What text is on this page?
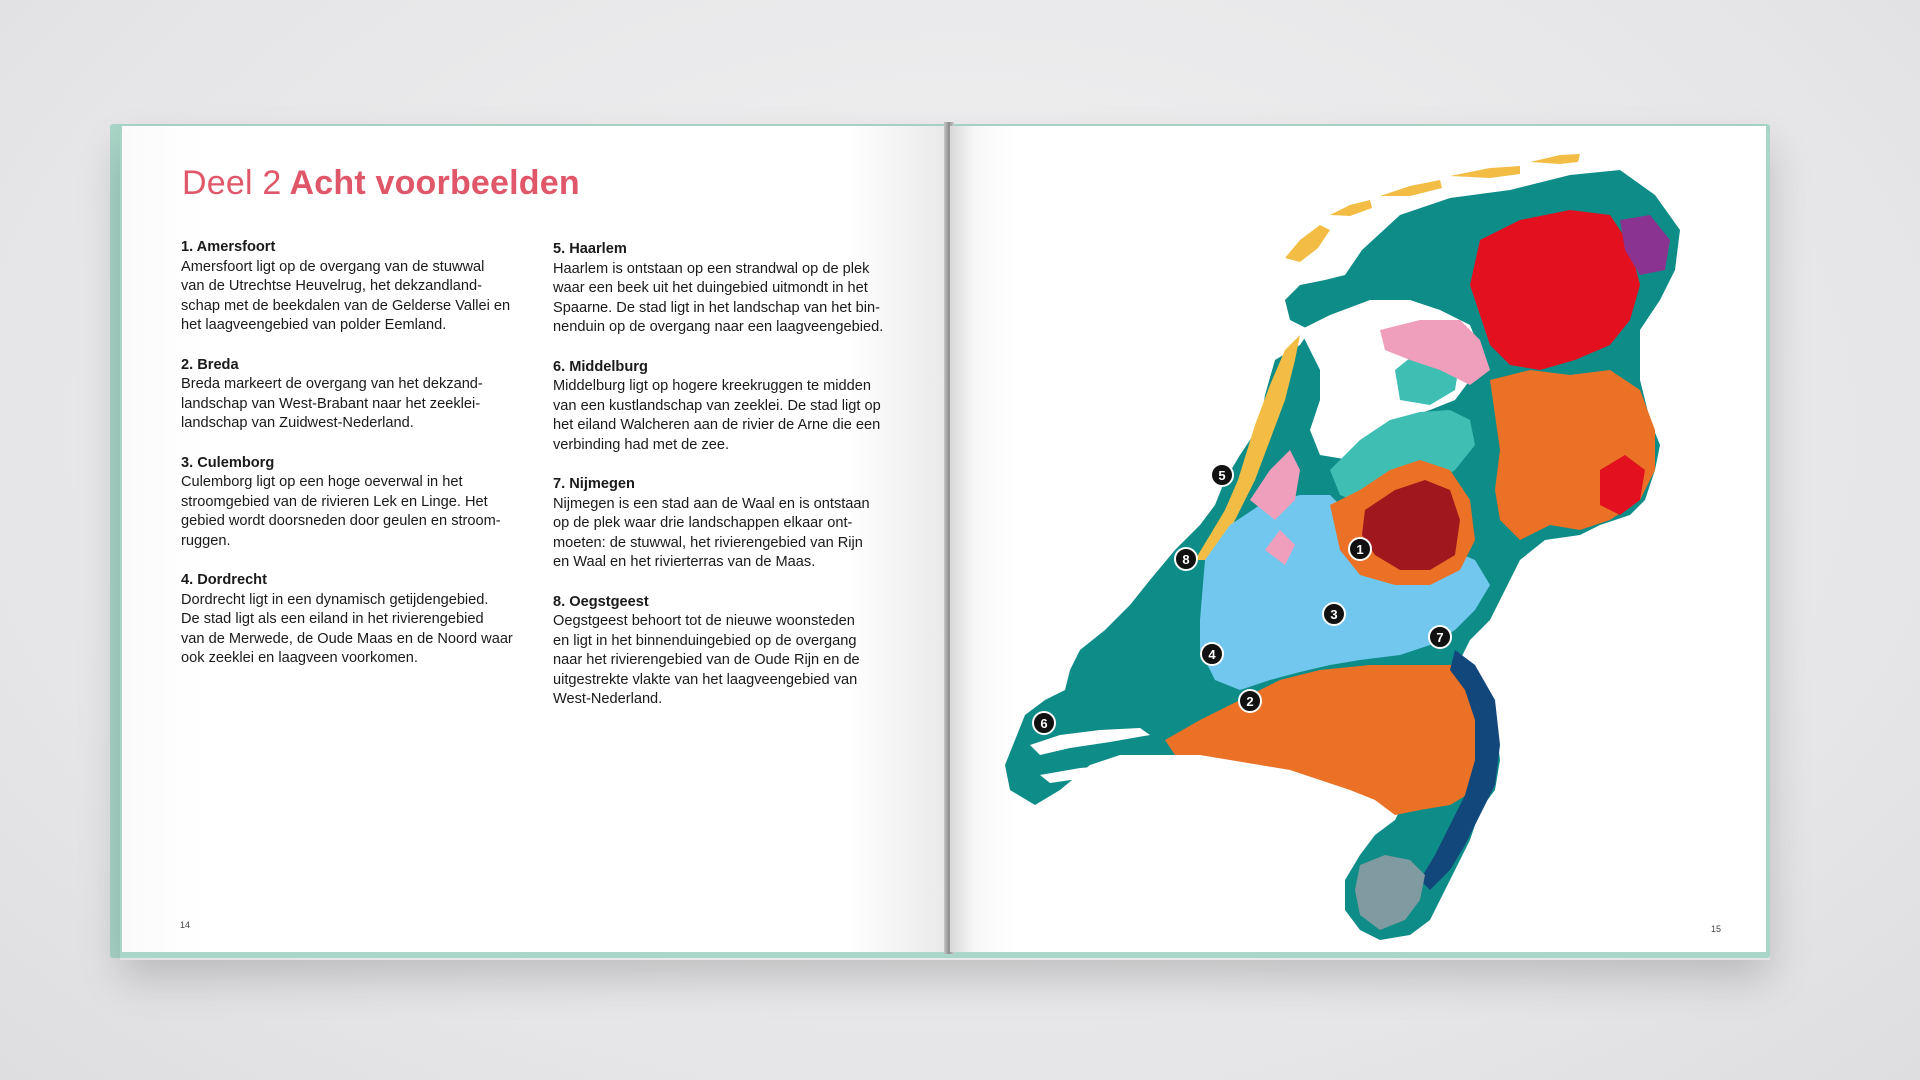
Deel 2 Acht voorbeelden
1. Amersfoort
Amersfoort ligt op de overgang van de stuwwal
van de Utrechtse Heuvelrug, het dekzandland-
schap met de beekdalen van de Gelderse Vallei en
het laagveengebied van polder Eemland.
2. Breda
Breda markeert de overgang van het dekzand-
landschap van West-Brabant naar het zeeklei-
landschap van Zuidwest-Nederland.
3. Culemborg
Culemborg ligt op een hoge oeverwal in het
stroomgebied van de rivieren Lek en Linge. Het
gebied wordt doorsneden door geulen en stroom-
ruggen.
4. Dordrecht
Dordrecht ligt in een dynamisch getijdengebied.
De stad ligt als een eiland in het rivierengebied
van de Merwede, de Oude Maas en de Noord waar
ook zeeklei en laagveen voorkomen.
5. Haarlem
Haarlem is ontstaan op een strandwal op de plek
waar een beek uit het duingebied uitmondt in het
Spaarne. De stad ligt in het landschap van het bin-
nenduin op de overgang naar een laagveengebied.
6. Middelburg
Middelburg ligt op hogere kreekruggen te midden
van een kustlandschap van zeeklei. De stad ligt op
het eiland Walcheren aan de rivier de Arne die een
verbinding had met de zee.
7. Nijmegen
Nijmegen is een stad aan de Waal en is ontstaan
op de plek waar drie landschappen elkaar ont-
moeten: de stuwwal, het rivierengebied van Rijn
en Waal en het rivierterras van de Maas.
8. Oegstgeest
Oegstgeest behoort tot de nieuwe woonsteden
en ligt in het binnenduingebied op de overgang
naar het rivierengebied van de Oude Rijn en de
uitgestrekte vlakte van het laagveengebied van
West-Nederland.
14
1
2
3
4
5
6
7
8
15
